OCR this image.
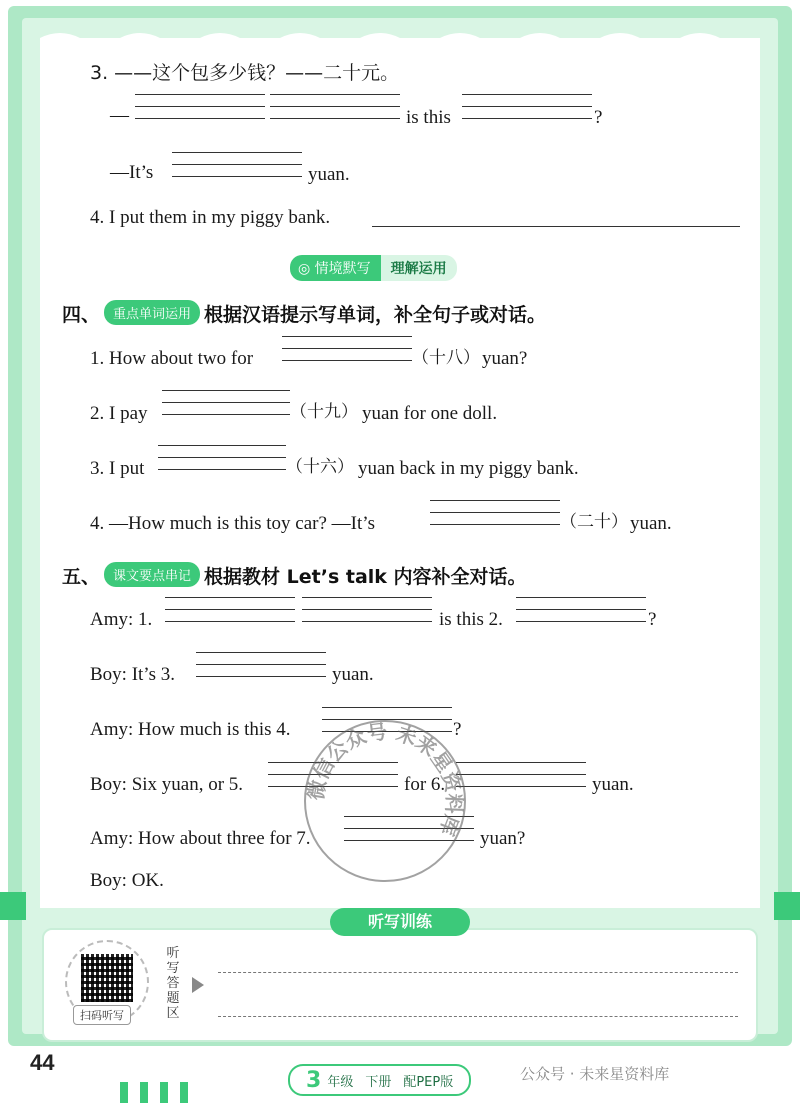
3. ——这个包多少钱？——二十元。
—	is this	?
—It’s	yuan.
4. I put them in my piggy bank.
◎ 情境默写	理解运用
四、 重点单词运用 根据汉语提示写单词，补全句子或对话。
1. How about two for	（十八） yuan?
2. I pay	（十九） yuan for one doll.
3. I put	（十六） yuan back in my piggy bank.
4. —How much is this toy car? —It’s	（二十） yuan.
五、 课文要点串记 根据教材 Let’s talk 内容补全对话。
Amy: 1.	is this 2.	?
Boy: It’s 3.	yuan.
Amy: How much is this 4.	?
Boy: Six yuan, or 5.	for 6.	yuan.
Amy: How about three for 7.	yuan?
Boy: OK.
微信公众号 未来星资料库
听写训练
扫码听写
听写答题区
44
3 年级 下册 配PEP版	公众号 · 未来星资料库
